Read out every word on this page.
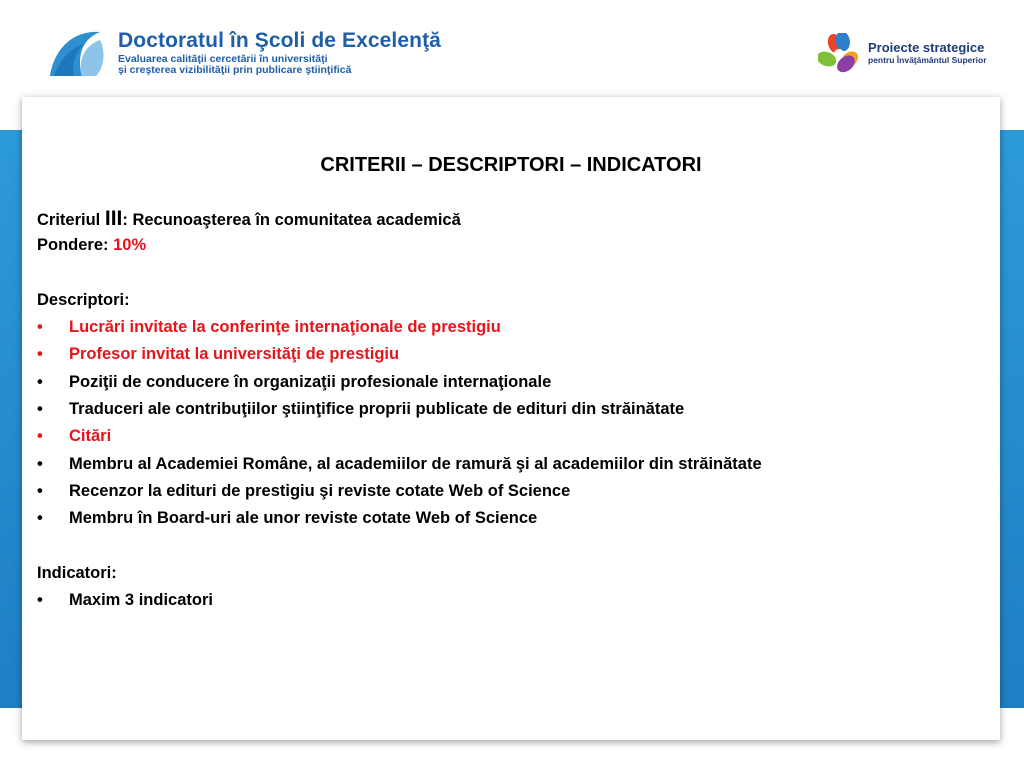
Doctoratul în Şcoli de Excelenţă
Evaluarea calităţii cercetării în universităţi
şi creşterea vizibilităţii prin publicare ştiinţifică
Proiecte strategice
pentru Învăţământul Superior
CRITERII – DESCRIPTORI – INDICATORI
Criteriul III: Recunoaşterea în comunitatea academică
Pondere: 10%
Descriptori:
•	Lucrări invitate la conferinţe internaţionale de prestigiu
•	Profesor invitat la universităţi de prestigiu
•	Poziţii de conducere în organizaţii profesionale internaţionale
•	Traduceri ale contribuţiilor ştiinţifice proprii publicate de edituri din străinătate
•	Citări
•	Membru al Academiei Române, al academiilor de ramură şi al academiilor din străinătate
•	Recenzor la edituri de prestigiu şi reviste cotate Web of Science
•	Membru în Board-uri ale unor reviste cotate Web of Science
Indicatori:
•	Maxim 3 indicatori
